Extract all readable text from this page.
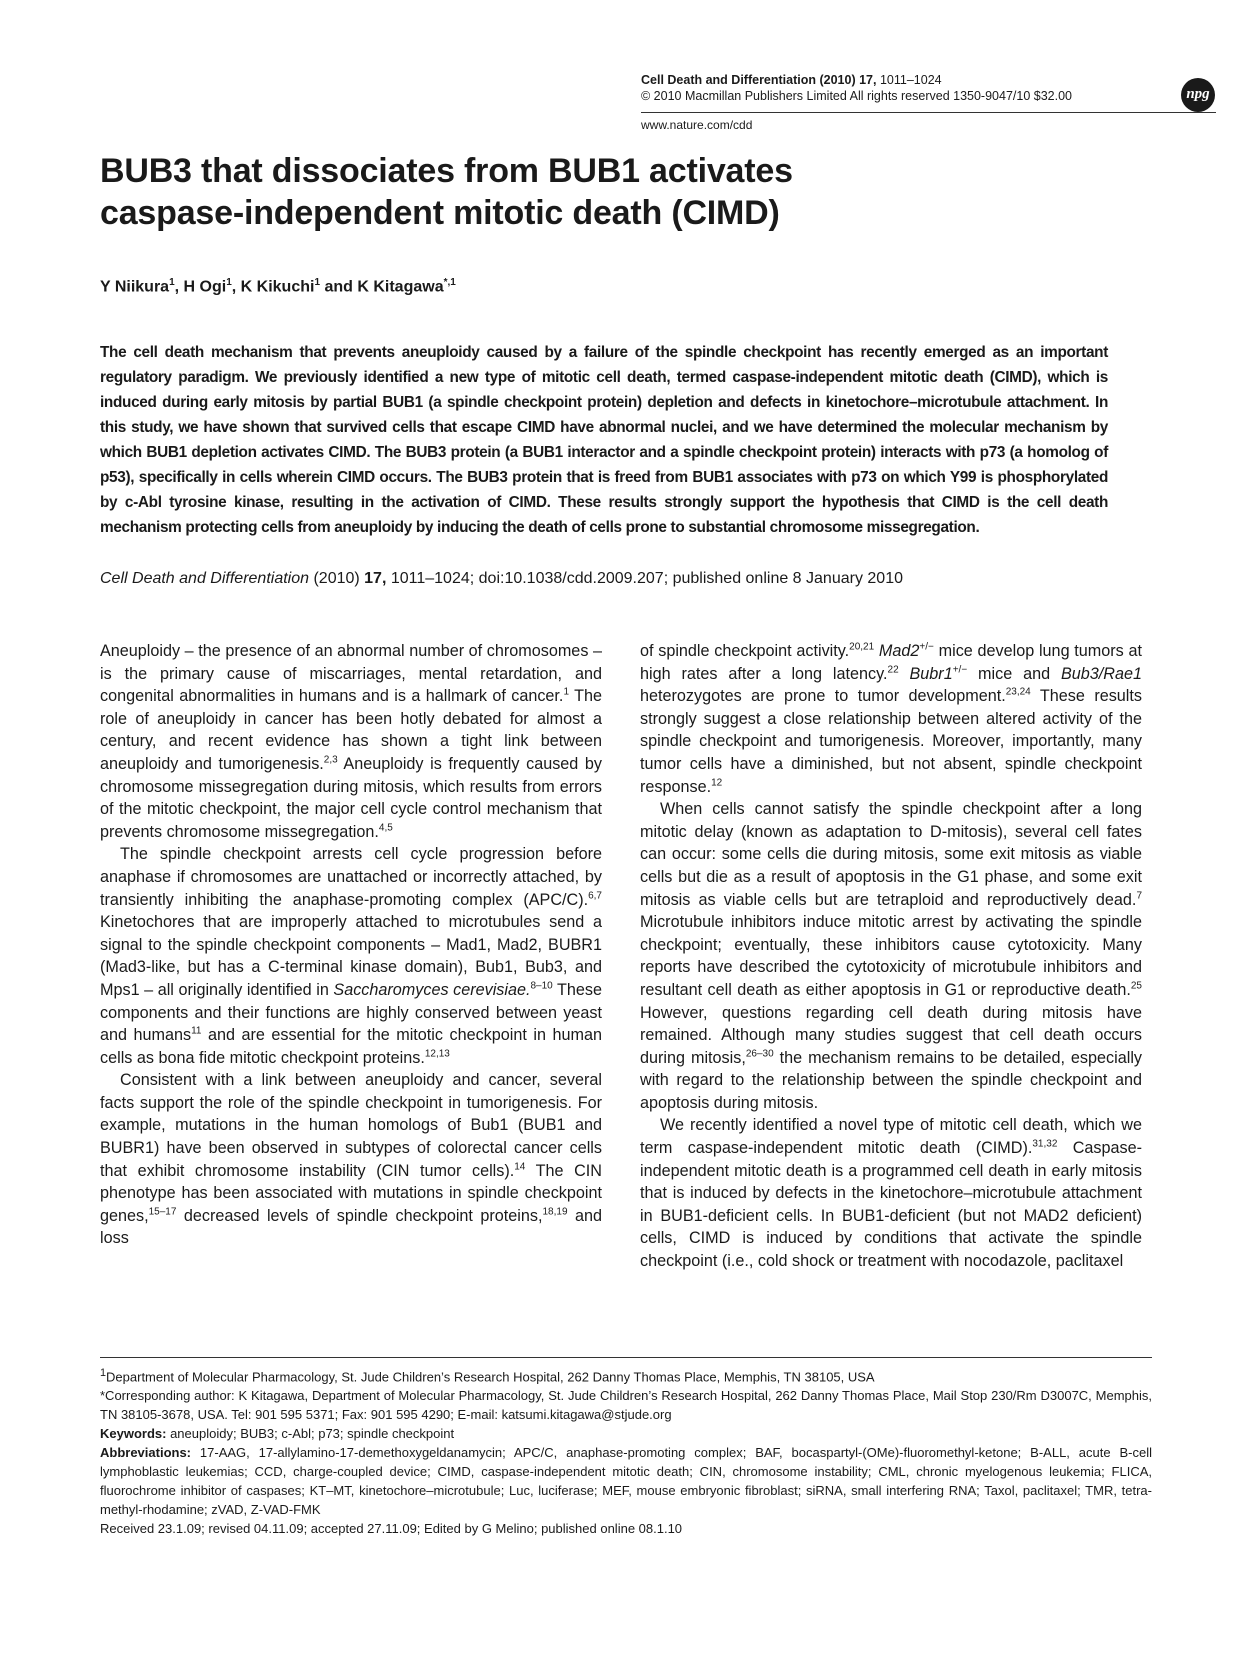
Cell Death and Differentiation (2010) 17, 1011–1024
© 2010 Macmillan Publishers Limited All rights reserved 1350-9047/10 $32.00	npg
www.nature.com/cdd
BUB3 that dissociates from BUB1 activates
caspase-independent mitotic death (CIMD)
Y Niikura$^1$, H Ogi$^1$, K Kikuchi$^1$ and K Kitagawa$^{*,1}$
The cell death mechanism that prevents aneuploidy caused by a failure of the spindle checkpoint has recently emerged as an important regulatory paradigm. We previously identified a new type of mitotic cell death, termed caspase-independent mitotic death (CIMD), which is induced during early mitosis by partial BUB1 (a spindle checkpoint protein) depletion and defects in kinetochore–microtubule attachment. In this study, we have shown that survived cells that escape CIMD have abnormal nuclei, and we have determined the molecular mechanism by which BUB1 depletion activates CIMD. The BUB3 protein (a BUB1 interactor and a spindle checkpoint protein) interacts with p73 (a homolog of p53), specifically in cells wherein CIMD occurs. The BUB3 protein that is freed from BUB1 associates with p73 on which Y99 is phosphorylated by c-Abl tyrosine kinase, resulting in the activation of CIMD. These results strongly support the hypothesis that CIMD is the cell death mechanism protecting cells from aneuploidy by inducing the death of cells prone to substantial chromosome missegregation.
Cell Death and Differentiation (2010) 17, 1011–1024; doi:10.1038/cdd.2009.207; published online 8 January 2010

Aneuploidy – the presence of an abnormal number of chromosomes – is the primary cause of miscarriages, mental retardation, and congenital abnormalities in humans and is a hallmark of cancer.$^1$ The role of aneuploidy in cancer has been hotly debated for almost a century, and recent evidence has shown a tight link between aneuploidy and tumorigenesis.$^{2,3}$ Aneuploidy is frequently caused by chromosome missegregation during mitosis, which results from errors of the mitotic checkpoint, the major cell cycle control mechanism that prevents chromosome missegregation.$^{4,5}$

The spindle checkpoint arrests cell cycle progression before anaphase if chromosomes are unattached or incorrectly attached, by transiently inhibiting the anaphase-promoting complex (APC/C).$^{6,7}$ Kinetochores that are improperly attached to microtubules send a signal to the spindle checkpoint components – Mad1, Mad2, BUBR1 (Mad3-like, but has a C-terminal kinase domain), Bub1, Bub3, and Mps1 – all originally identified in Saccharomyces cerevisiae.$^{8-10}$ These components and their functions are highly conserved between yeast and humans$^{11}$ and are essential for the mitotic checkpoint in human cells as bona fide mitotic checkpoint proteins.$^{12,13}$

Consistent with a link between aneuploidy and cancer, several facts support the role of the spindle checkpoint in tumorigenesis. For example, mutations in the human homologs of Bub1 (BUB1 and BUBR1) have been observed in subtypes of colorectal cancer cells that exhibit chromosome instability (CIN tumor cells).$^{14}$ The CIN phenotype has been associated with mutations in spindle checkpoint genes,$^{15-17}$ decreased levels of spindle checkpoint proteins,$^{18,19}$ and loss

of spindle checkpoint activity.$^{20,21}$ Mad2+/− mice develop lung tumors at high rates after a long latency.$^{22}$ Bubr1+/− mice and Bub3/Rae1 heterozygotes are prone to tumor development.$^{23,24}$ These results strongly suggest a close relationship between altered activity of the spindle checkpoint and tumorigenesis. Moreover, importantly, many tumor cells have a diminished, but not absent, spindle checkpoint response.$^{12}$

When cells cannot satisfy the spindle checkpoint after a long mitotic delay (known as adaptation to D-mitosis), several cell fates can occur: some cells die during mitosis, some exit mitosis as viable cells but die as a result of apoptosis in the G1 phase, and some exit mitosis as viable cells but are tetraploid and reproductively dead.$^7$ Microtubule inhibitors induce mitotic arrest by activating the spindle checkpoint; eventually, these inhibitors cause cytotoxicity. Many reports have described the cytotoxicity of microtubule inhibitors and resultant cell death as either apoptosis in G1 or reproductive death.$^{25}$ However, questions regarding cell death during mitosis have remained. Although many studies suggest that cell death occurs during mitosis,$^{26-30}$ the mechanism remains to be detailed, especially with regard to the relationship between the spindle checkpoint and apoptosis during mitosis.

We recently identified a novel type of mitotic cell death, which we term caspase-independent mitotic death (CIMD).$^{31,32}$ Caspase-independent mitotic death is a programmed cell death in early mitosis that is induced by defects in the kinetochore–microtubule attachment in BUB1-deficient cells. In BUB1-deficient (but not MAD2 deficient) cells, CIMD is induced by conditions that activate the spindle checkpoint (i.e., cold shock or treatment with nocodazole, paclitaxel

$^1$Department of Molecular Pharmacology, St. Jude Children’s Research Hospital, 262 Danny Thomas Place, Memphis, TN 38105, USA
*Corresponding author: K Kitagawa, Department of Molecular Pharmacology, St. Jude Children’s Research Hospital, 262 Danny Thomas Place, Mail Stop 230/Rm D3007C, Memphis, TN 38105-3678, USA. Tel: 901 595 5371; Fax: 901 595 4290; E-mail: katsumi.kitagawa@stjude.org
Keywords: aneuploidy; BUB3; c-Abl; p73; spindle checkpoint
Abbreviations: 17-AAG, 17-allylamino-17-demethoxygeldanamycin; APC/C, anaphase-promoting complex; BAF, bocaspartyl-(OMe)-fluoromethyl-ketone; B-ALL, acute B-cell lymphoblastic leukemias; CCD, charge-coupled device; CIMD, caspase-independent mitotic death; CIN, chromosome instability; CML, chronic myelogenous leukemia; FLICA, fluorochrome inhibitor of caspases; KT–MT, kinetochore–microtubule; Luc, luciferase; MEF, mouse embryonic fibroblast; siRNA, small interfering RNA; Taxol, paclitaxel; TMR, tetra-methyl-rhodamine; zVAD, Z-VAD-FMK
Received 23.1.09; revised 04.11.09; accepted 27.11.09; Edited by G Melino; published online 08.1.10
